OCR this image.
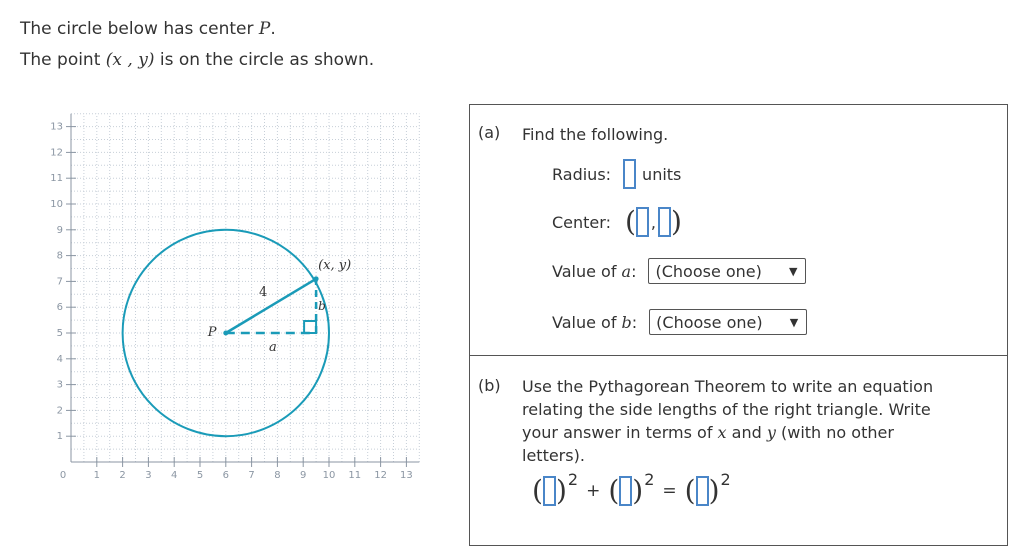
The circle below has center P.
The point (x , y) is on the circle as shown.
0	1 2 3 4 5 6 7 8 9 10 11 12 13
1
2
3
4
5
6
7
8
9
10
11
12
13
P
(x, y)
4
a
b
(a) Find the following.
Radius: units
Center: ( , )
Value of a: (Choose one) ▼
Value of b: (Choose one) ▼
(b) Use the Pythagorean Theorem to write an equation
relating the side lengths of the right triangle. Write
your answer in terms of x and y (with no other
letters).
( ) 2
+ ( ) 2
= ( ) 2
